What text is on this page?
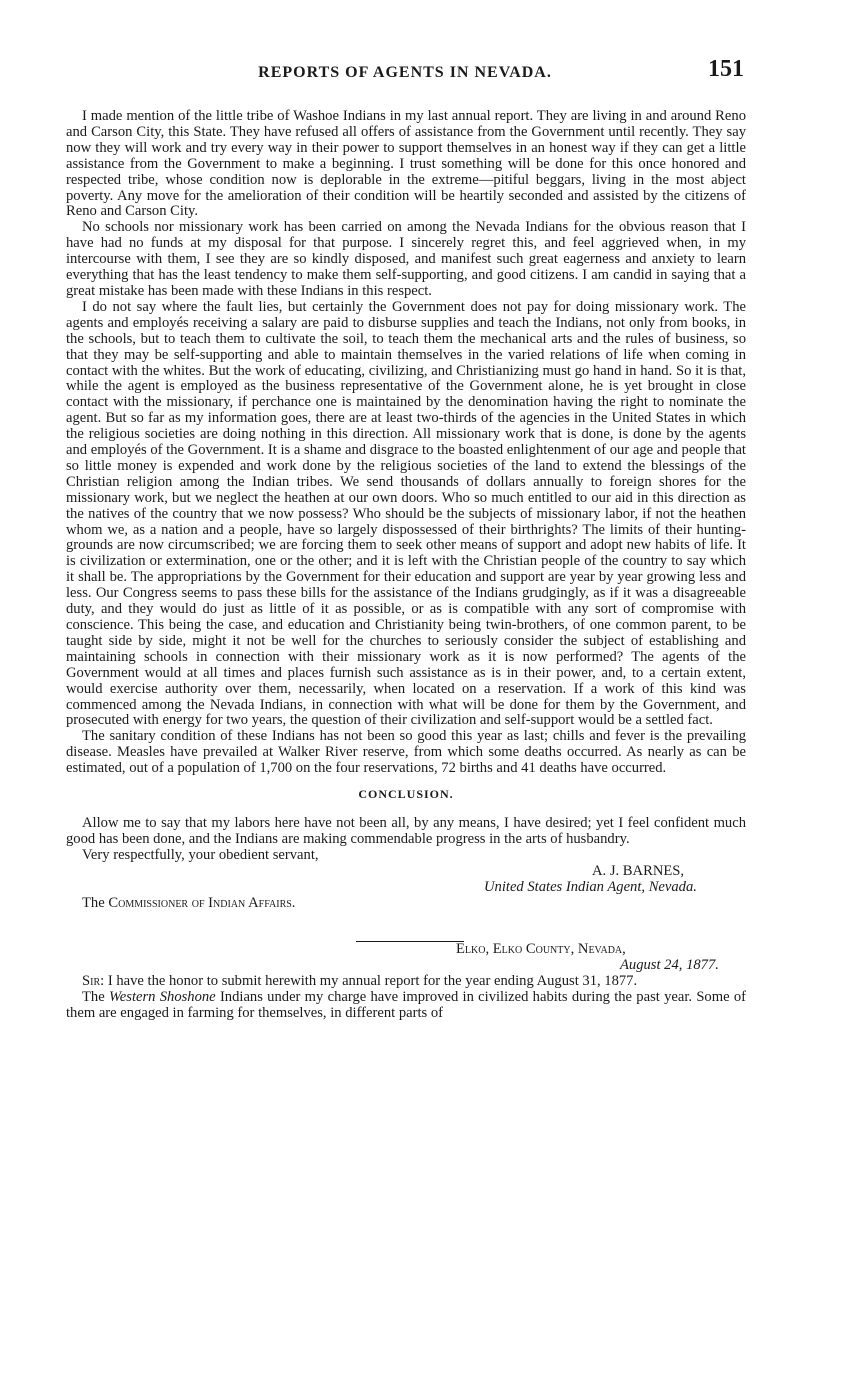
REPORTS OF AGENTS IN NEVADA.	151

I made mention of the little tribe of Washoe Indians in my last annual report. They are living in and around Reno and Carson City, this State. They have refused all offers of assistance from the Government until recently. They say now they will work and try every way in their power to support themselves in an honest way if they can get a little assistance from the Government to make a beginning. I trust something will be done for this once honored and respected tribe, whose condition now is deplorable in the extreme—pitiful beggars, living in the most abject poverty. Any move for the amelioration of their condition will be heartily seconded and assisted by the citizens of Reno and Carson City.

No schools nor missionary work has been carried on among the Nevada Indians for the obvious reason that I have had no funds at my disposal for that purpose. I sincerely regret this, and feel aggrieved when, in my intercourse with them, I see they are so kindly disposed, and manifest such great eagerness and anxiety to learn everything that has the least tendency to make them self-supporting, and good citizens. I am candid in saying that a great mistake has been made with these Indians in this respect.

I do not say where the fault lies, but certainly the Government does not pay for doing missionary work. The agents and employés receiving a salary are paid to disburse supplies and teach the Indians, not only from books, in the schools, but to teach them to cultivate the soil, to teach them the mechanical arts and the rules of business, so that they may be self-supporting and able to maintain themselves in the varied relations of life when coming in contact with the whites. But the work of educating, civilizing, and Christianizing must go hand in hand. So it is that, while the agent is employed as the business representative of the Government alone, he is yet brought in close contact with the missionary, if perchance one is maintained by the denomination having the right to nominate the agent. But so far as my information goes, there are at least two-thirds of the agencies in the United States in which the religious societies are doing nothing in this direction. All missionary work that is done, is done by the agents and employés of the Government. It is a shame and disgrace to the boasted enlightenment of our age and people that so little money is expended and work done by the religious societies of the land to extend the blessings of the Christian religion among the Indian tribes. We send thousands of dollars annually to foreign shores for the missionary work, but we neglect the heathen at our own doors. Who so much entitled to our aid in this direction as the natives of the country that we now possess? Who should be the subjects of missionary labor, if not the heathen whom we, as a nation and a people, have so largely dispossessed of their birthrights? The limits of their hunting-grounds are now circumscribed; we are forcing them to seek other means of support and adopt new habits of life. It is civilization or extermination, one or the other; and it is left with the Christian people of the country to say which it shall be. The appropriations by the Government for their education and support are year by year growing less and less. Our Congress seems to pass these bills for the assistance of the Indians grudgingly, as if it was a disagreeable duty, and they would do just as little of it as possible, or as is compatible with any sort of compromise with conscience. This being the case, and education and Christianity being twin-brothers, of one common parent, to be taught side by side, might it not be well for the churches to seriously consider the subject of establishing and maintaining schools in connection with their missionary work as it is now performed? The agents of the Government would at all times and places furnish such assistance as is in their power, and, to a certain extent, would exercise authority over them, necessarily, when located on a reservation. If a work of this kind was commenced among the Nevada Indians, in connection with what will be done for them by the Government, and prosecuted with energy for two years, the question of their civilization and self-support would be a settled fact.

The sanitary condition of these Indians has not been so good this year as last; chills and fever is the prevailing disease. Measles have prevailed at Walker River reserve, from which some deaths occurred. As nearly as can be estimated, out of a population of 1,700 on the four reservations, 72 births and 41 deaths have occurred.

CONCLUSION.

Allow me to say that my labors here have not been all, by any means, I have desired; yet I feel confident much good has been done, and the Indians are making commendable progress in the arts of husbandry.

Very respectfully, your obedient servant,

A. J. BARNES,

United States Indian Agent, Nevada.

The Commissioner of Indian Affairs.

Elko, Elko County, Nevada,

August 24, 1877.

Sir: I have the honor to submit herewith my annual report for the year ending August 31, 1877.

The Western Shoshone Indians under my charge have improved in civilized habits during the past year. Some of them are engaged in farming for themselves, in different parts of
